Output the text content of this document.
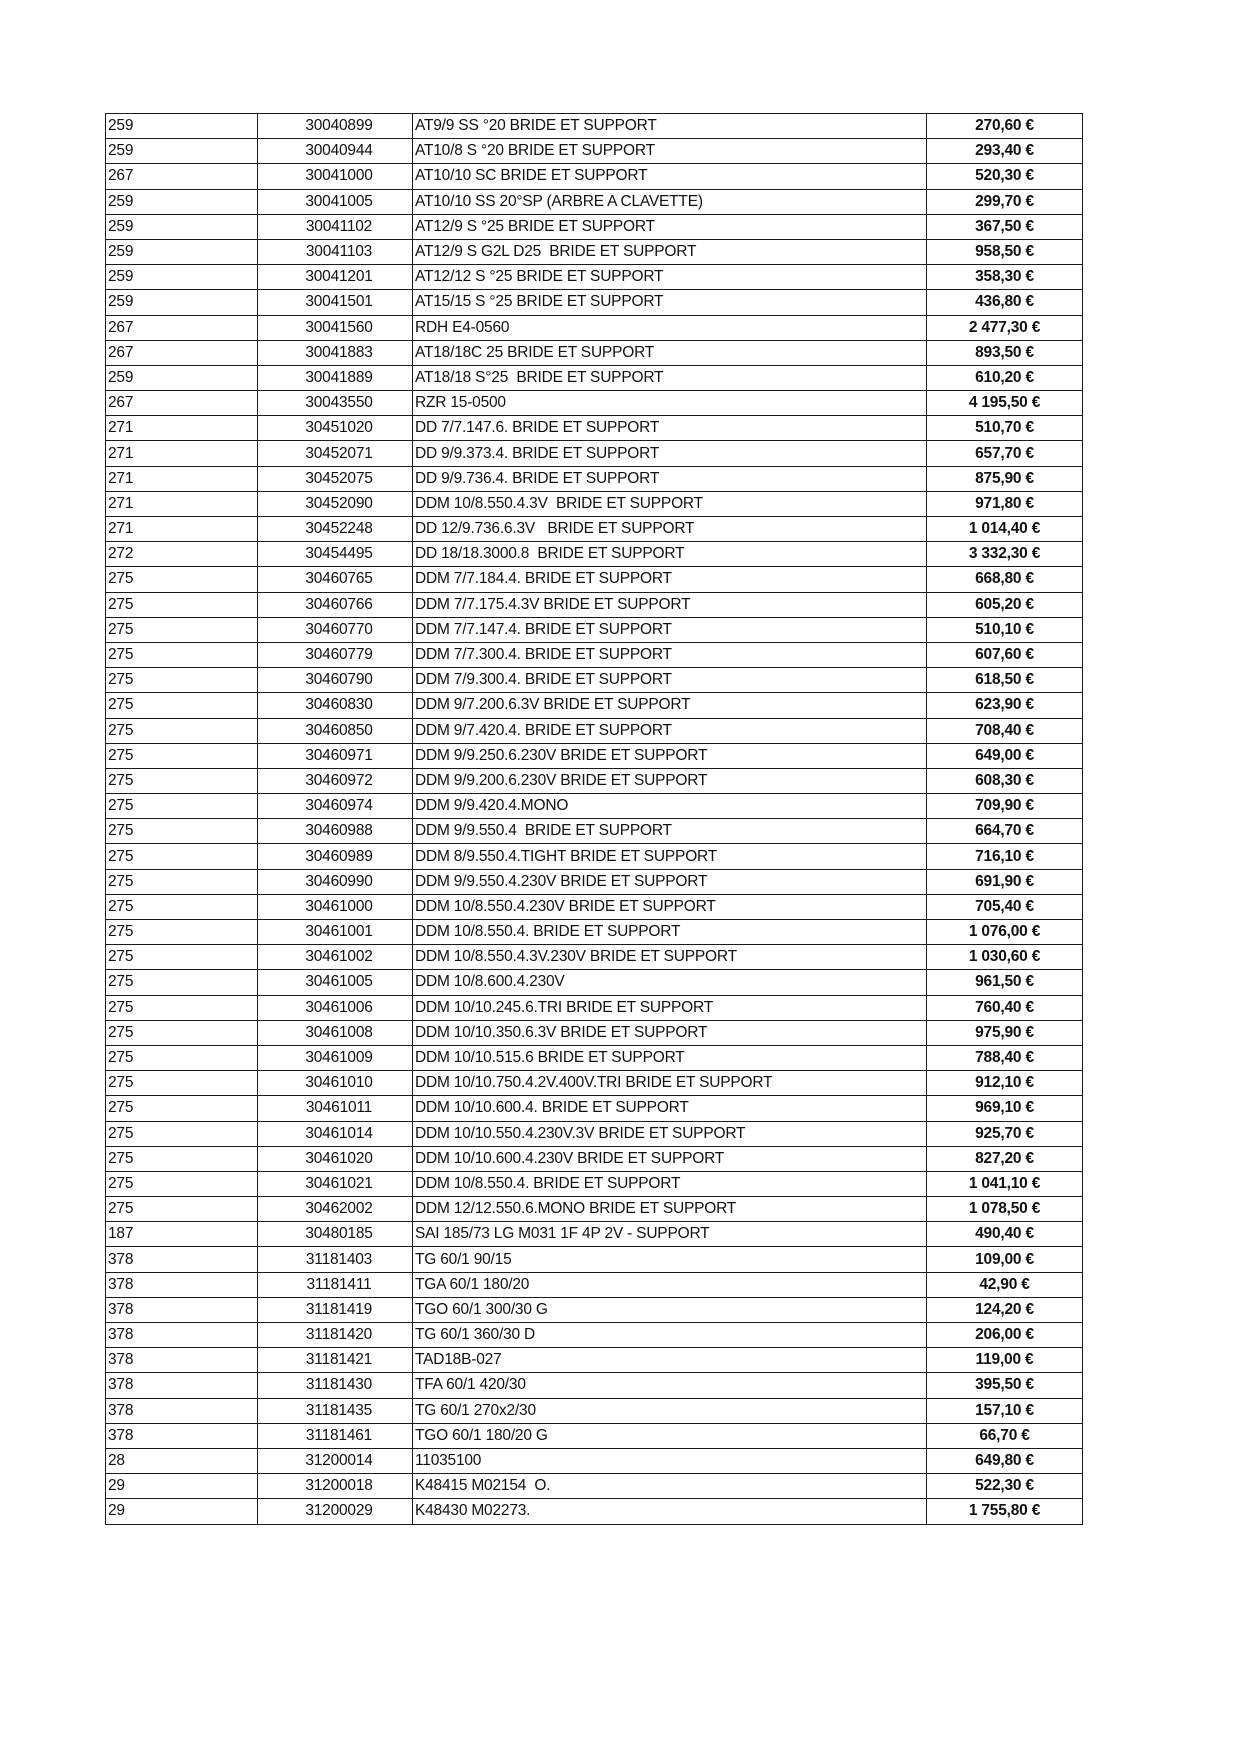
259	30040899	AT9/9 SS °20 BRIDE ET SUPPORT	270,60 €
259	30040944	AT10/8 S °20 BRIDE ET SUPPORT	293,40 €
267	30041000	AT10/10 SC BRIDE ET SUPPORT	520,30 €
259	30041005	AT10/10 SS 20°SP (ARBRE A CLAVETTE)	299,70 €
259	30041102	AT12/9 S °25 BRIDE ET SUPPORT	367,50 €
259	30041103	AT12/9 S G2L D25  BRIDE ET SUPPORT	958,50 €
259	30041201	AT12/12 S °25 BRIDE ET SUPPORT	358,30 €
259	30041501	AT15/15 S °25 BRIDE ET SUPPORT	436,80 €
267	30041560	RDH E4-0560	2 477,30 €
267	30041883	AT18/18C 25 BRIDE ET SUPPORT	893,50 €
259	30041889	AT18/18 S°25  BRIDE ET SUPPORT	610,20 €
267	30043550	RZR 15-0500	4 195,50 €
271	30451020	DD 7/7.147.6. BRIDE ET SUPPORT	510,70 €
271	30452071	DD 9/9.373.4. BRIDE ET SUPPORT	657,70 €
271	30452075	DD 9/9.736.4. BRIDE ET SUPPORT	875,90 €
271	30452090	DDM 10/8.550.4.3V  BRIDE ET SUPPORT	971,80 €
271	30452248	DD 12/9.736.6.3V   BRIDE ET SUPPORT	1 014,40 €
272	30454495	DD 18/18.3000.8  BRIDE ET SUPPORT	3 332,30 €
275	30460765	DDM 7/7.184.4. BRIDE ET SUPPORT	668,80 €
275	30460766	DDM 7/7.175.4.3V BRIDE ET SUPPORT	605,20 €
275	30460770	DDM 7/7.147.4. BRIDE ET SUPPORT	510,10 €
275	30460779	DDM 7/7.300.4. BRIDE ET SUPPORT	607,60 €
275	30460790	DDM 7/9.300.4. BRIDE ET SUPPORT	618,50 €
275	30460830	DDM 9/7.200.6.3V BRIDE ET SUPPORT	623,90 €
275	30460850	DDM 9/7.420.4. BRIDE ET SUPPORT	708,40 €
275	30460971	DDM 9/9.250.6.230V BRIDE ET SUPPORT	649,00 €
275	30460972	DDM 9/9.200.6.230V BRIDE ET SUPPORT	608,30 €
275	30460974	DDM 9/9.420.4.MONO	709,90 €
275	30460988	DDM 9/9.550.4  BRIDE ET SUPPORT	664,70 €
275	30460989	DDM 8/9.550.4.TIGHT BRIDE ET SUPPORT	716,10 €
275	30460990	DDM 9/9.550.4.230V BRIDE ET SUPPORT	691,90 €
275	30461000	DDM 10/8.550.4.230V BRIDE ET SUPPORT	705,40 €
275	30461001	DDM 10/8.550.4. BRIDE ET SUPPORT	1 076,00 €
275	30461002	DDM 10/8.550.4.3V.230V BRIDE ET SUPPORT	1 030,60 €
275	30461005	DDM 10/8.600.4.230V	961,50 €
275	30461006	DDM 10/10.245.6.TRI BRIDE ET SUPPORT	760,40 €
275	30461008	DDM 10/10.350.6.3V BRIDE ET SUPPORT	975,90 €
275	30461009	DDM 10/10.515.6 BRIDE ET SUPPORT	788,40 €
275	30461010	DDM 10/10.750.4.2V.400V.TRI BRIDE ET SUPPORT	912,10 €
275	30461011	DDM 10/10.600.4. BRIDE ET SUPPORT	969,10 €
275	30461014	DDM 10/10.550.4.230V.3V BRIDE ET SUPPORT	925,70 €
275	30461020	DDM 10/10.600.4.230V BRIDE ET SUPPORT	827,20 €
275	30461021	DDM 10/8.550.4. BRIDE ET SUPPORT	1 041,10 €
275	30462002	DDM 12/12.550.6.MONO BRIDE ET SUPPORT	1 078,50 €
187	30480185	SAI 185/73 LG M031 1F 4P 2V - SUPPORT	490,40 €
378	31181403	TG 60/1 90/15	109,00 €
378	31181411	TGA 60/1 180/20	42,90 €
378	31181419	TGO 60/1 300/30 G	124,20 €
378	31181420	TG 60/1 360/30 D	206,00 €
378	31181421	TAD18B-027	119,00 €
378	31181430	TFA 60/1 420/30	395,50 €
378	31181435	TG 60/1 270x2/30	157,10 €
378	31181461	TGO 60/1 180/20 G	66,70 €
28	31200014	11035100	649,80 €
29	31200018	K48415 M02154  O.	522,30 €
29	31200029	K48430 M02273.	1 755,80 €
